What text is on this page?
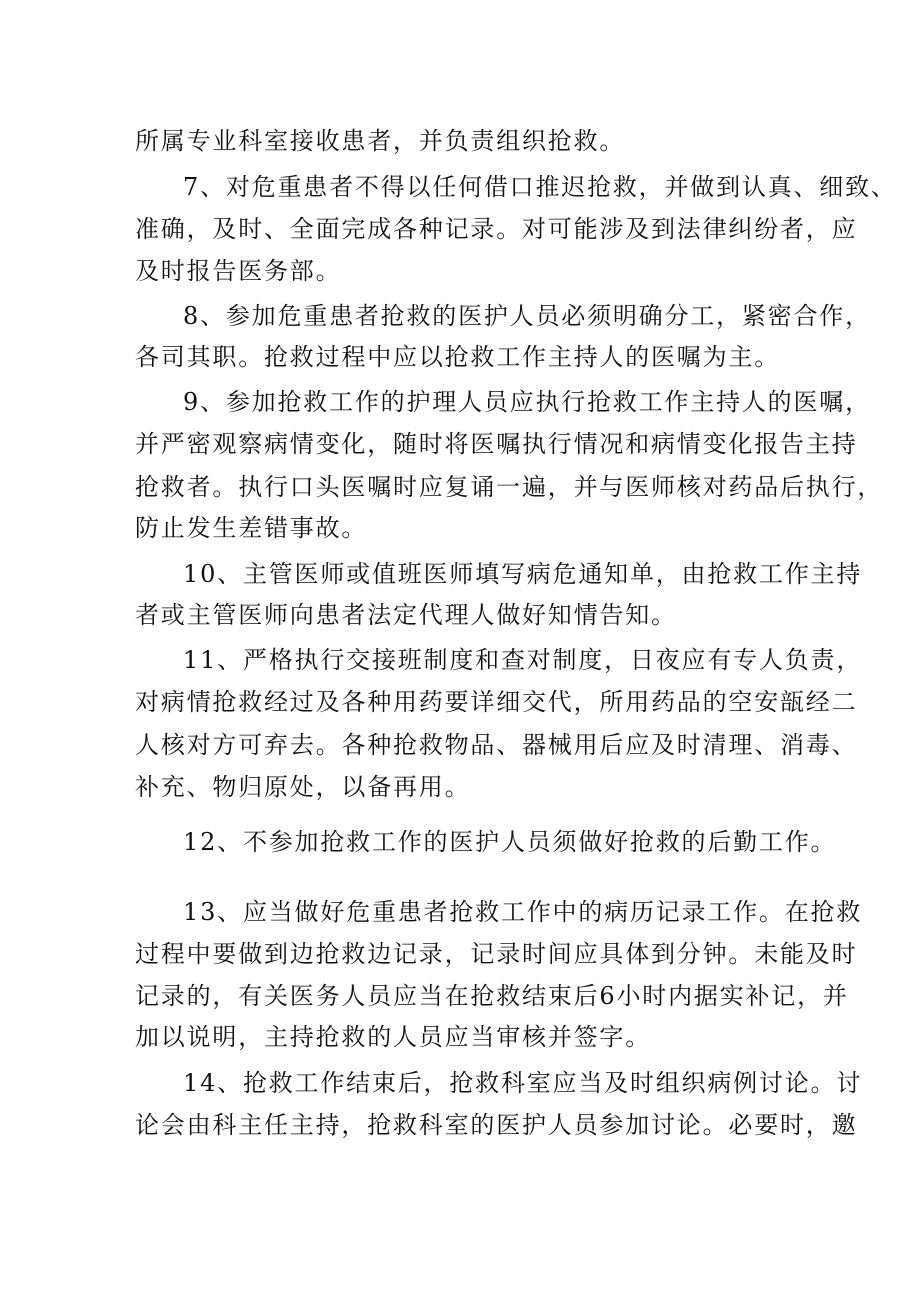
所属专业科室接收患者，并负责组织抢救。
7、对危重患者不得以任何借口推迟抢救，并做到认真、细致、
准确，及时、全面完成各种记录。对可能涉及到法律纠纷者，应
及时报告医务部。
8、参加危重患者抢救的医护人员必须明确分工，紧密合作，
各司其职。抢救过程中应以抢救工作主持人的医嘱为主。
9、参加抢救工作的护理人员应执行抢救工作主持人的医嘱，
并严密观察病情变化，随时将医嘱执行情况和病情变化报告主持
抢救者。执行口头医嘱时应复诵一遍，并与医师核对药品后执行，
防止发生差错事故。
10、主管医师或值班医师填写病危通知单，由抢救工作主持
者或主管医师向患者法定代理人做好知情告知。
11、严格执行交接班制度和查对制度，日夜应有专人负责，
对病情抢救经过及各种用药要详细交代，所用药品的空安瓿经二
人核对方可弃去。各种抢救物品、器械用后应及时清理、消毒、
补充、物归原处，以备再用。
12、不参加抢救工作的医护人员须做好抢救的后勤工作。
13、应当做好危重患者抢救工作中的病历记录工作。在抢救
过程中要做到边抢救边记录，记录时间应具体到分钟。未能及时
记录的，有关医务人员应当在抢救结束后6小时内据实补记，并
加以说明，主持抢救的人员应当审核并签字。
14、抢救工作结束后，抢救科室应当及时组织病例讨论。讨
论会由科主任主持，抢救科室的医护人员参加讨论。必要时，邀
